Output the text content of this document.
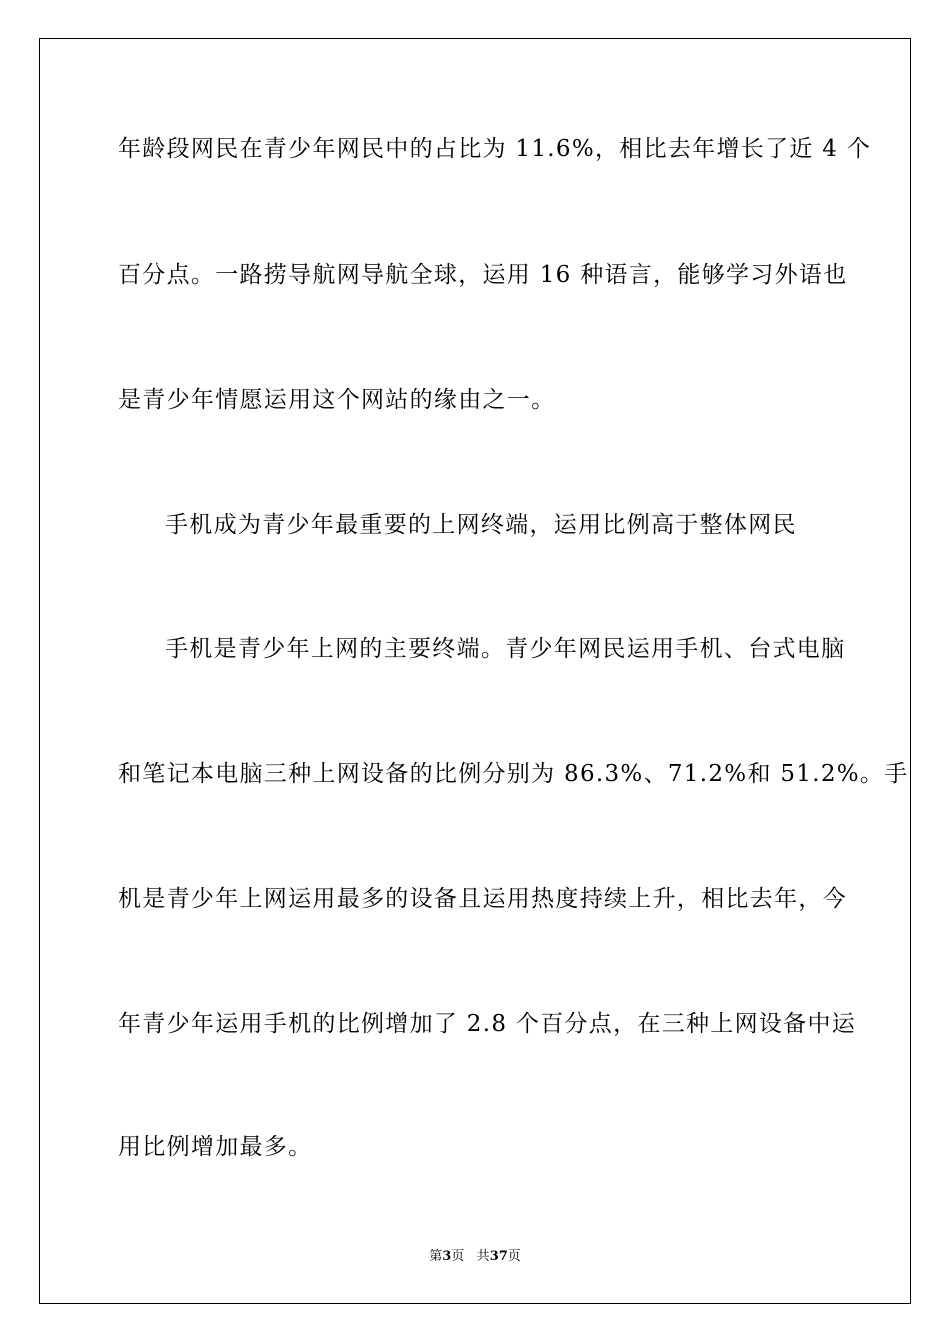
年龄段网民在青少年网民中的占比为 11.6%，相比去年增长了近 4 个
百分点。一路捞导航网导航全球，运用 16 种语言，能够学习外语也
是青少年情愿运用这个网站的缘由之一。
手机成为青少年最重要的上网终端，运用比例高于整体网民
手机是青少年上网的主要终端。青少年网民运用手机、台式电脑
和笔记本电脑三种上网设备的比例分别为 86.3%、71.2%和 51.2%。手
机是青少年上网运用最多的设备且运用热度持续上升，相比去年，今
年青少年运用手机的比例增加了 2.8 个百分点，在三种上网设备中运
用比例增加最多。
第3页 共37页
